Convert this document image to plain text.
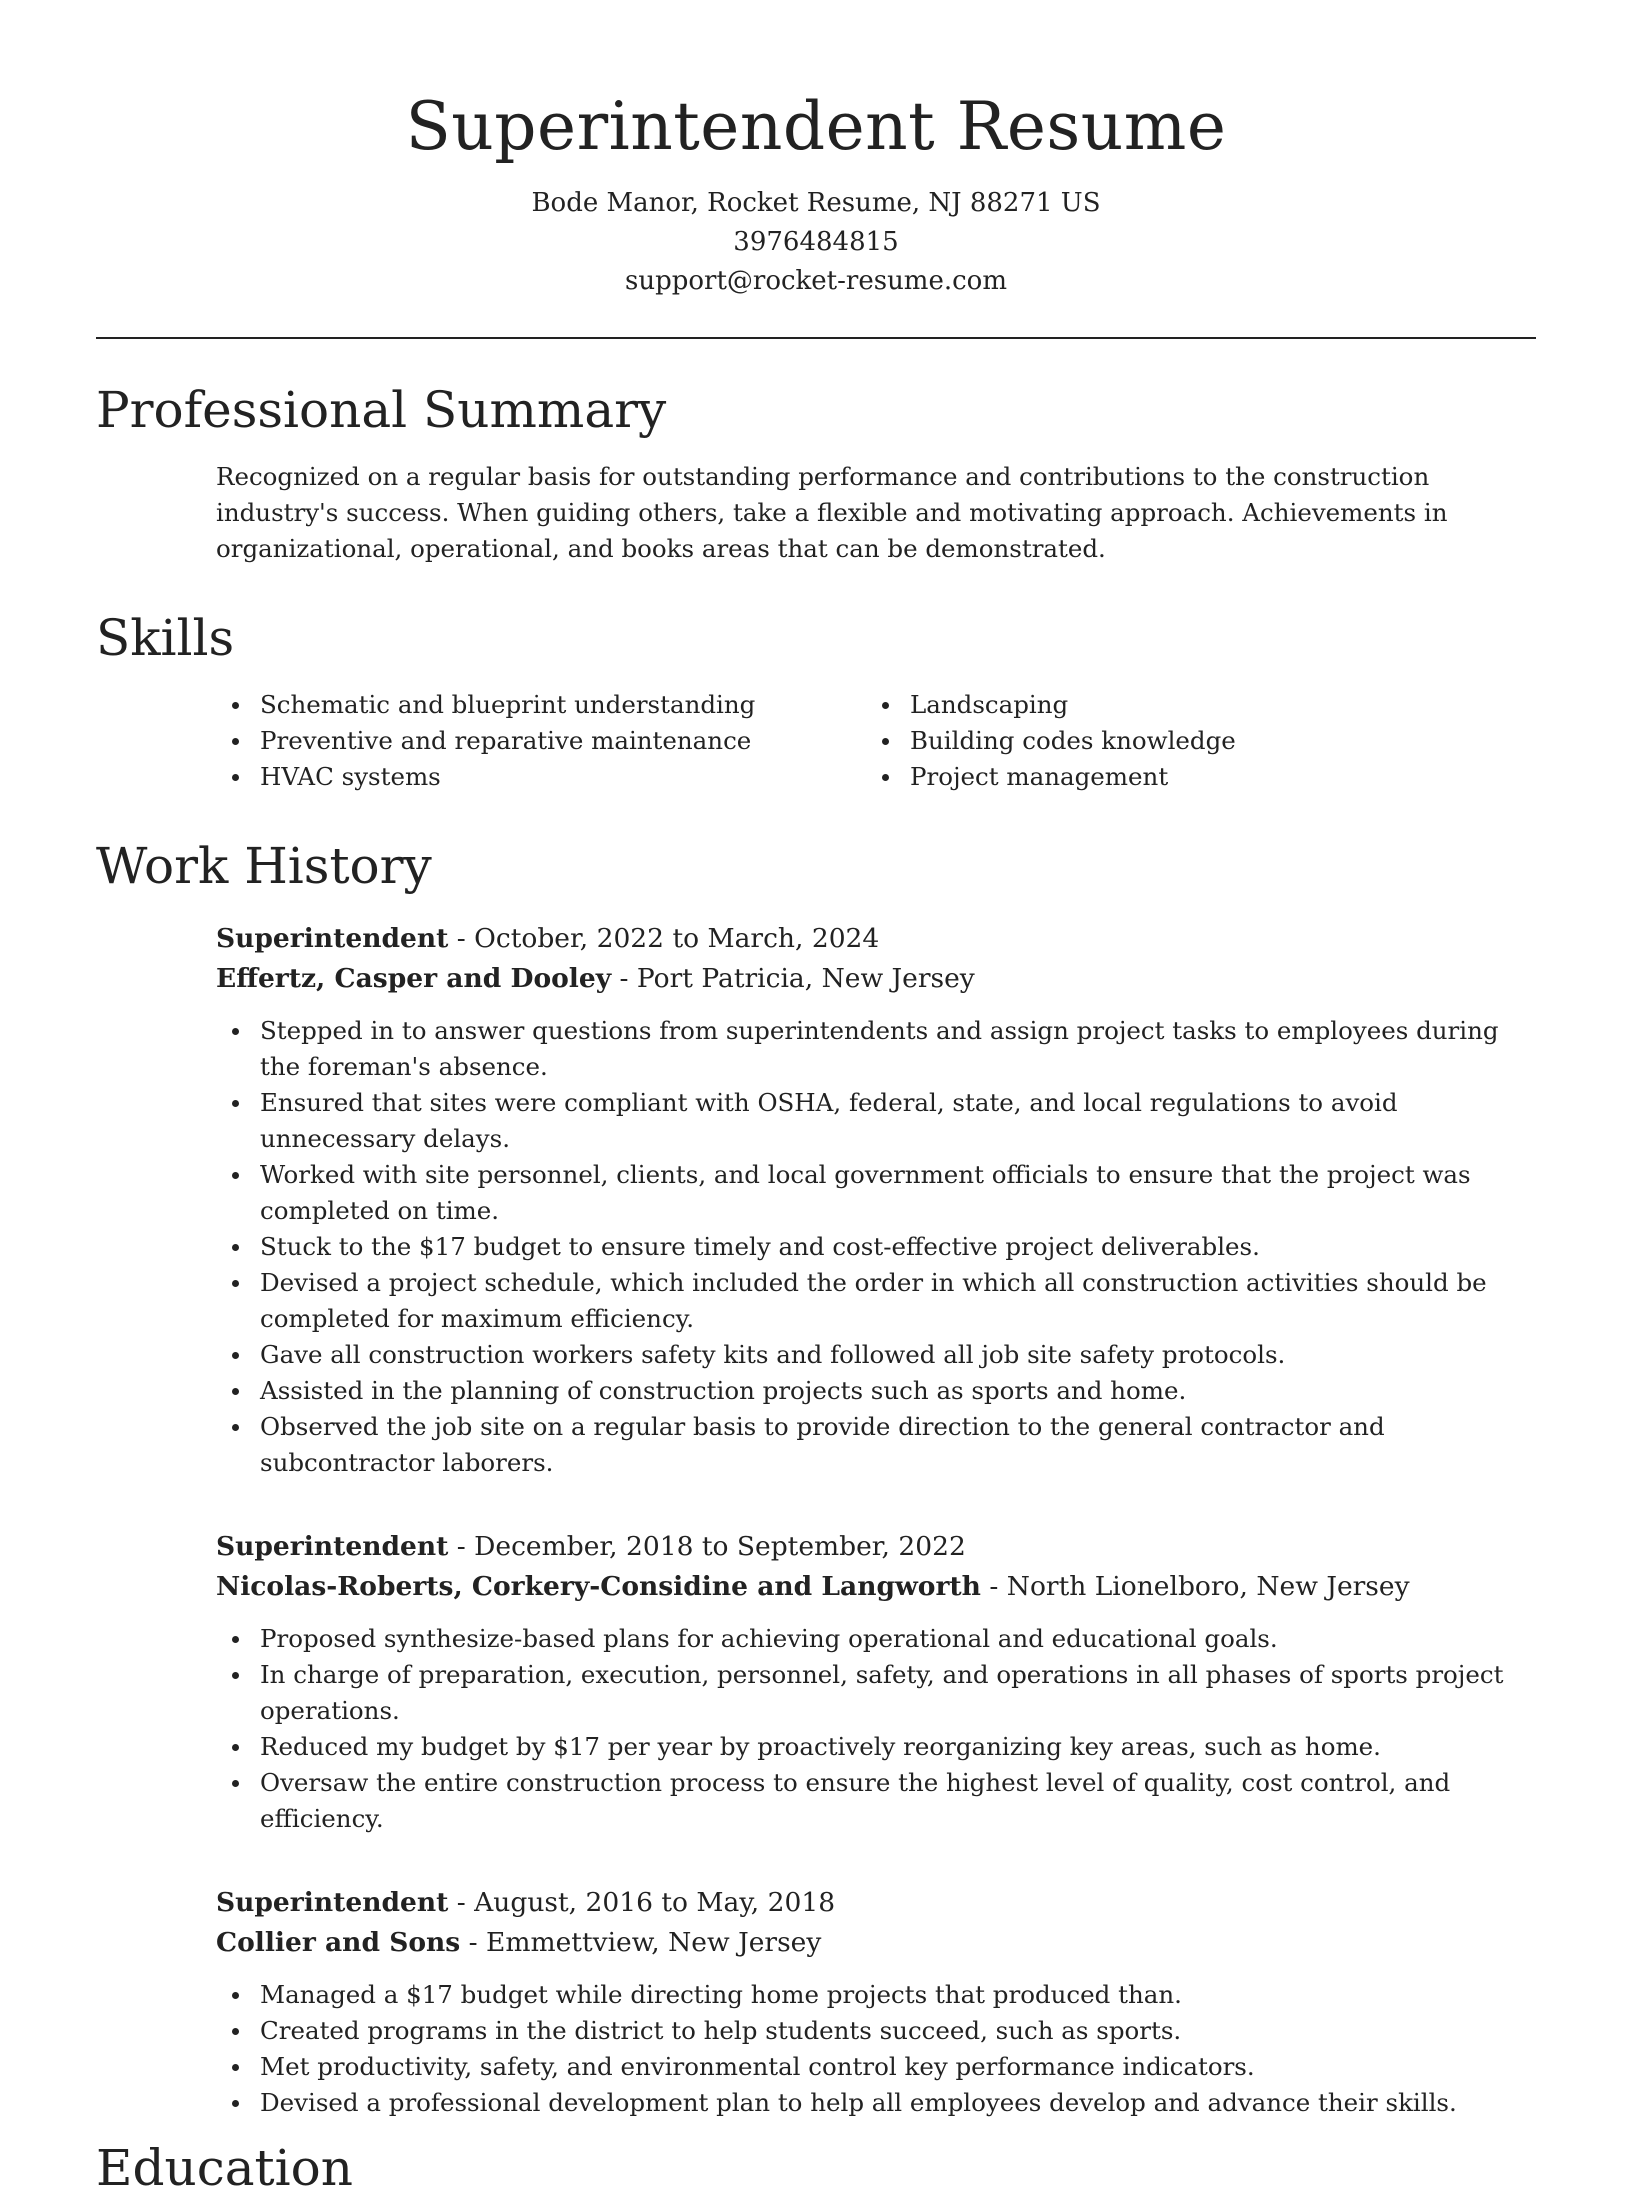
Superintendent Resume
Bode Manor, Rocket Resume, NJ 88271 US
3976484815
support@rocket-resume.com
Professional Summary

Recognized on a regular basis for outstanding performance and contributions to the construction industry's success. When guiding others, take a flexible and motivating approach. Achievements in organizational, operational, and books areas that can be demonstrated.

Skills
Schematic and blueprint understanding
Preventive and reparative maintenance
HVAC systems
Landscaping
Building codes knowledge
Project management
Work History
Superintendent - October, 2022 to March, 2024
Effertz, Casper and Dooley - Port Patricia, New Jersey
Stepped in to answer questions from superintendents and assign project tasks to employees during the foreman's absence.
Ensured that sites were compliant with OSHA, federal, state, and local regulations to avoid unnecessary delays.
Worked with site personnel, clients, and local government officials to ensure that the project was completed on time.
Stuck to the $17 budget to ensure timely and cost-effective project deliverables.
Devised a project schedule, which included the order in which all construction activities should be completed for maximum efficiency.
Gave all construction workers safety kits and followed all job site safety protocols.
Assisted in the planning of construction projects such as sports and home.
Observed the job site on a regular basis to provide direction to the general contractor and subcontractor laborers.
Superintendent - December, 2018 to September, 2022
Nicolas-Roberts, Corkery-Considine and Langworth - North Lionelboro, New Jersey
Proposed synthesize-based plans for achieving operational and educational goals.
In charge of preparation, execution, personnel, safety, and operations in all phases of sports project operations.
Reduced my budget by $17 per year by proactively reorganizing key areas, such as home.
Oversaw the entire construction process to ensure the highest level of quality, cost control, and efficiency.
Superintendent - August, 2016 to May, 2018
Collier and Sons - Emmettview, New Jersey
Managed a $17 budget while directing home projects that produced than.
Created programs in the district to help students succeed, such as sports.
Met productivity, safety, and environmental control key performance indicators.
Devised a professional development plan to help all employees develop and advance their skills.
Education
